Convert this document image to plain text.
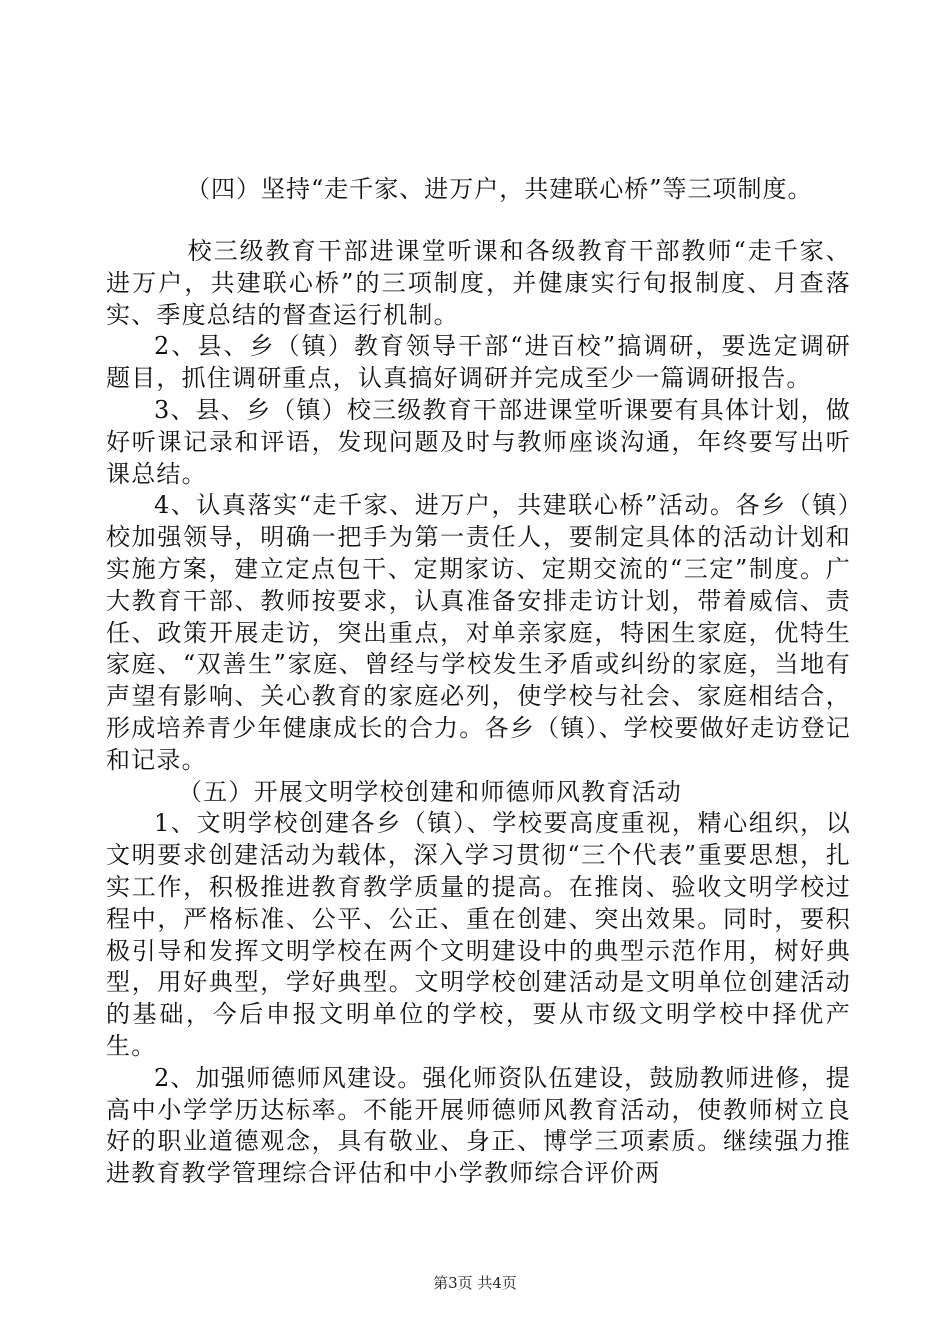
（四）坚持“走千家、进万户，共建联心桥”等三项制度。

校三级教育干部进课堂听课和各级教育干部教师“走千家、进万户，共建联心桥”的三项制度，并健康实行旬报制度、月查落实、季度总结的督查运行机制。

2、县、乡（镇）教育领导干部“进百校”搞调研，要选定调研题目，抓住调研重点，认真搞好调研并完成至少一篇调研报告。

3、县、乡（镇）校三级教育干部进课堂听课要有具体计划，做好听课记录和评语，发现问题及时与教师座谈沟通，年终要写出听课总结。

4、认真落实“走千家、进万户，共建联心桥”活动。各乡（镇）校加强领导，明确一把手为第一责任人，要制定具体的活动计划和实施方案，建立定点包干、定期家访、定期交流的“三定”制度。广大教育干部、教师按要求，认真准备安排走访计划，带着威信、责任、政策开展走访，突出重点，对单亲家庭，特困生家庭，优特生家庭、“双善生”家庭、曾经与学校发生矛盾或纠纷的家庭，当地有声望有影响、关心教育的家庭必列，使学校与社会、家庭相结合，形成培养青少年健康成长的合力。各乡（镇）、学校要做好走访登记和记录。

（五）开展文明学校创建和师德师风教育活动

1、文明学校创建各乡（镇）、学校要高度重视，精心组织，以文明要求创建活动为载体，深入学习贯彻“三个代表”重要思想，扎实工作，积极推进教育教学质量的提高。在推岗、验收文明学校过程中，严格标准、公平、公正、重在创建、突出效果。同时，要积极引导和发挥文明学校在两个文明建设中的典型示范作用，树好典型，用好典型，学好典型。文明学校创建活动是文明单位创建活动的基础，今后申报文明单位的学校，要从市级文明学校中择优产生。

2、加强师德师风建设。强化师资队伍建设，鼓励教师进修，提高中小学学历达标率。不能开展师德师风教育活动，使教师树立良好的职业道德观念，具有敬业、身正、博学三项素质。继续强力推进教育教学管理综合评估和中小学教师综合评价两

第3页 共4页
